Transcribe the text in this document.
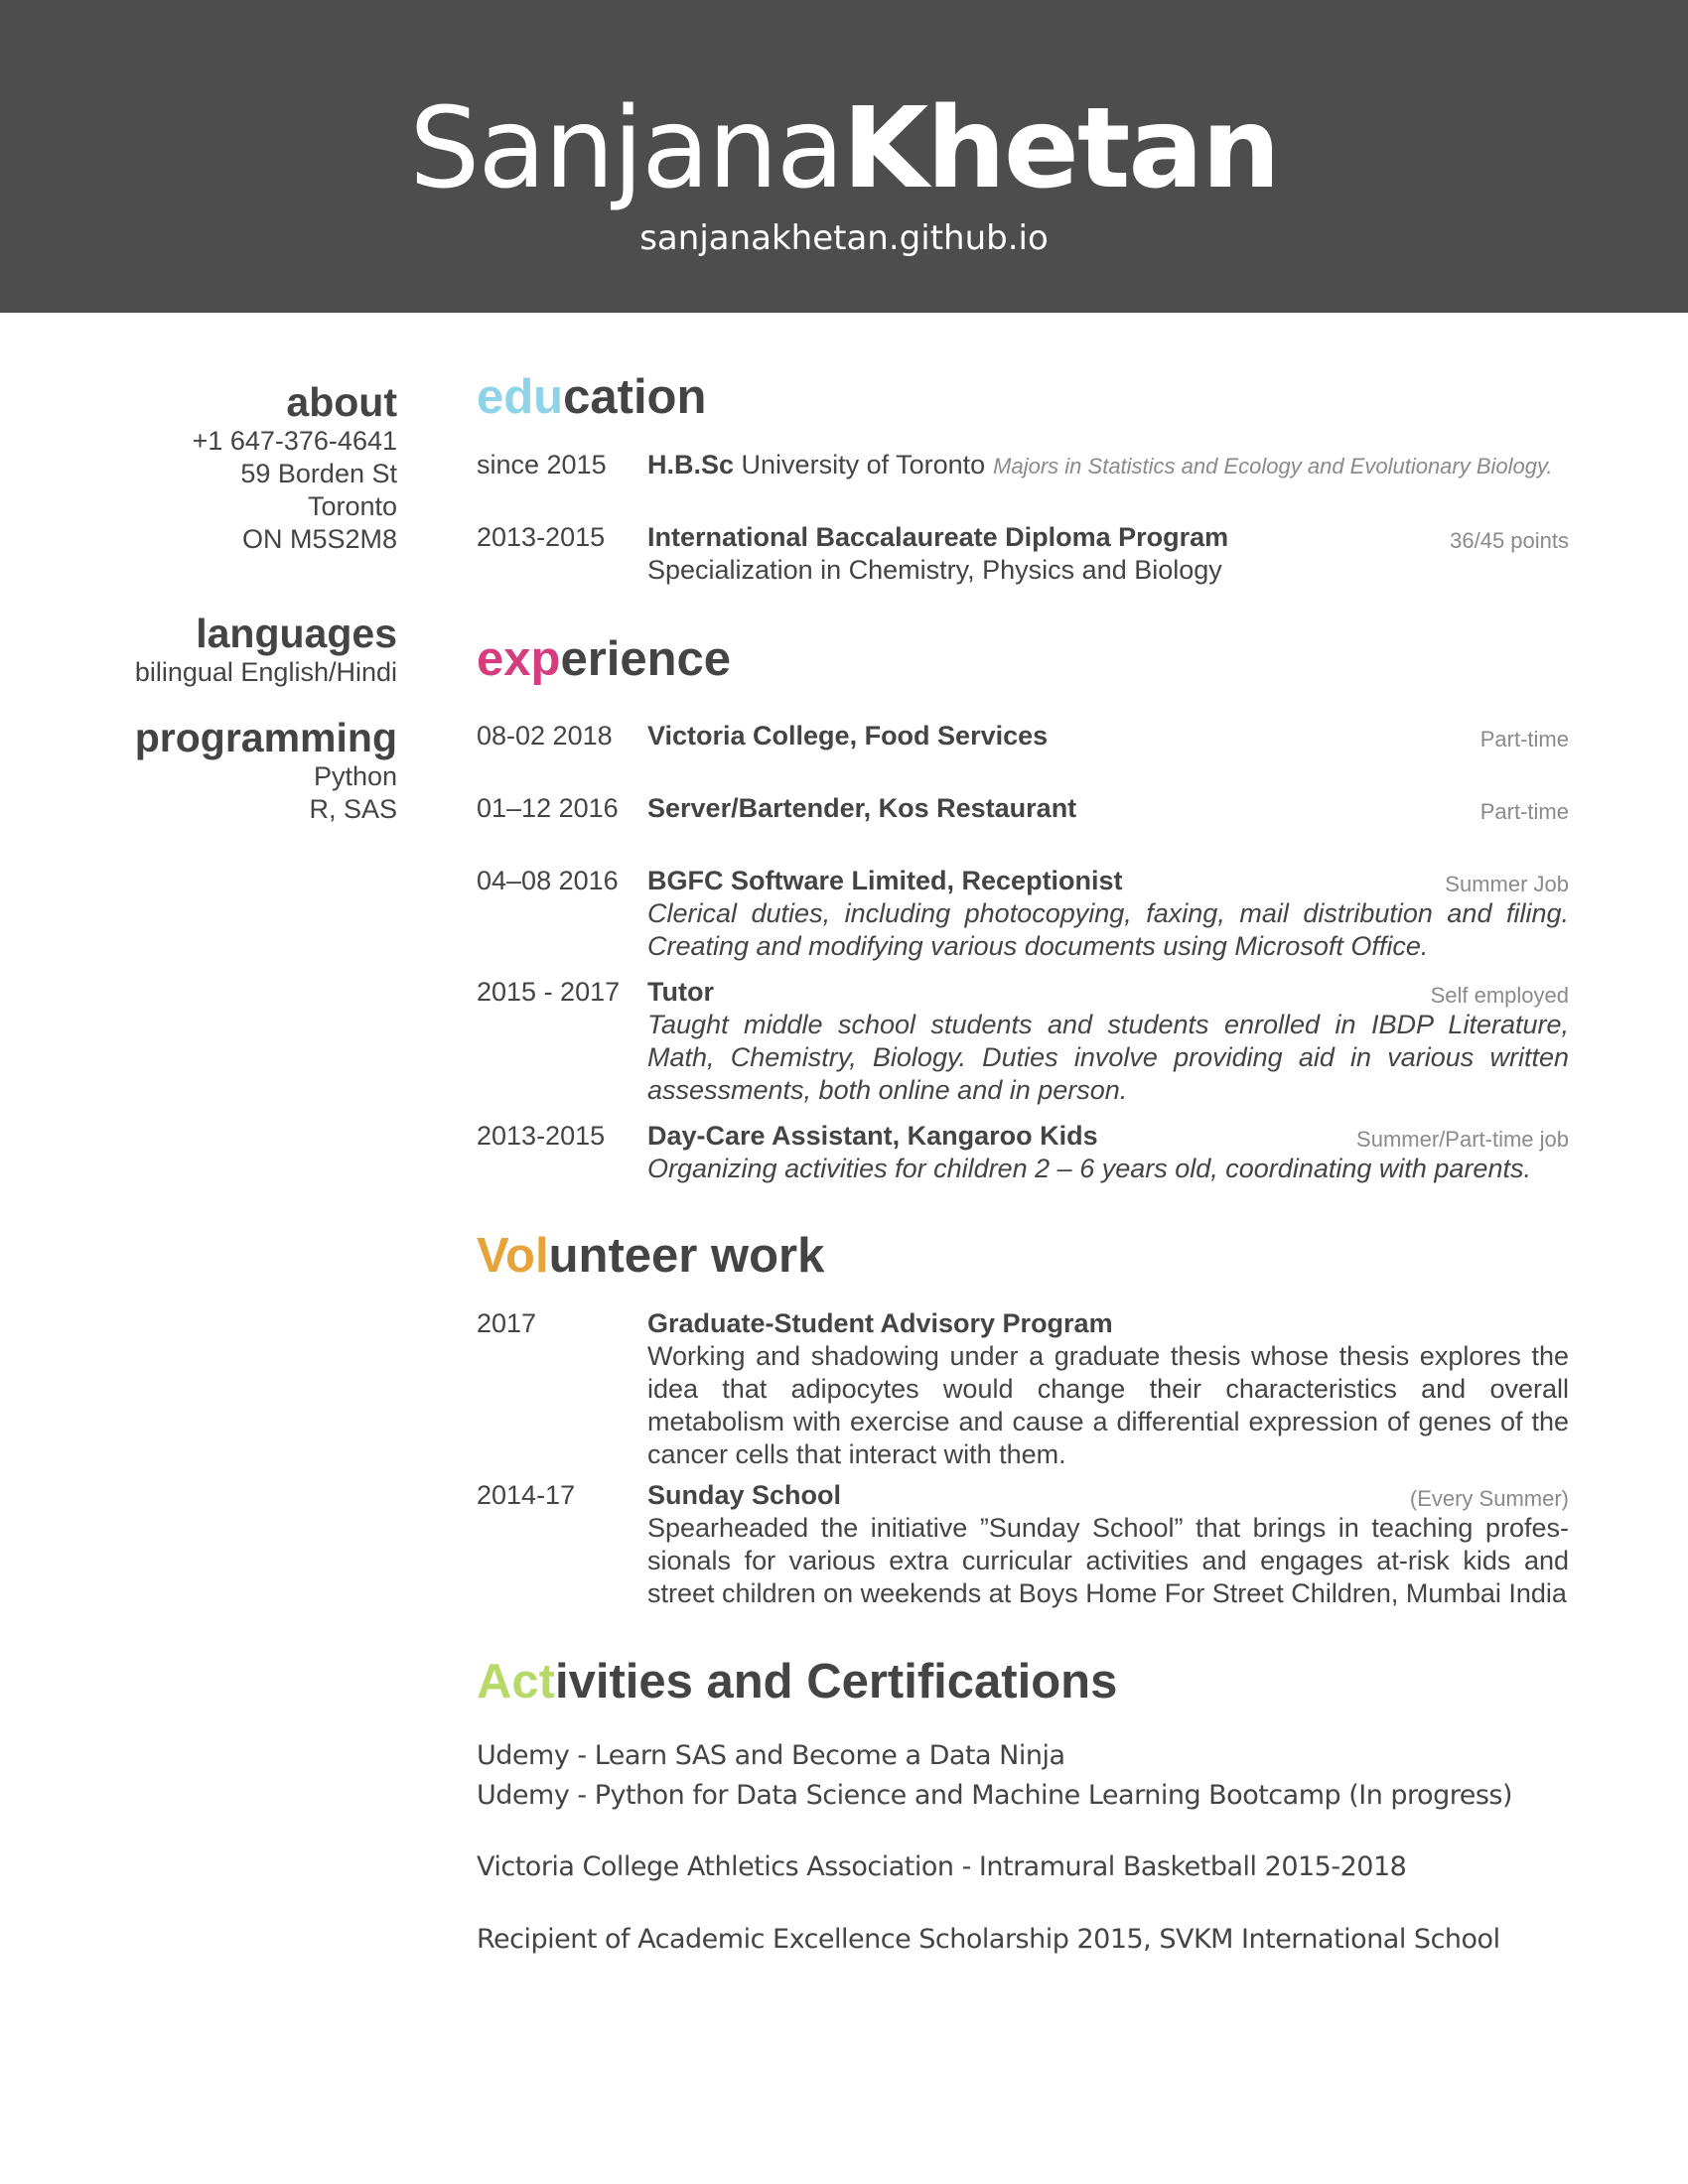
SanjanaKhetan
sanjanakhetan.github.io
about
+1 647-376-4641
59 Borden St
Toronto
ON M5S2M8
languages
bilingual English/Hindi
programming
Python
R, SAS
education
since 2015 H.B.Sc University of Toronto Majors in Statistics and Ecology and Evolutionary Biology.
2013-2015 International Baccalaureate Diploma Program	36/45 points
Specialization in Chemistry, Physics and Biology
experience
08-02 2018 Victoria College, Food Services	Part-time
01–12 2016 Server/Bartender, Kos Restaurant	Part-time
04–08 2016 BGFC Software Limited, Receptionist	Summer Job
Clerical duties, including photocopying, faxing, mail distribution and filing. Creating and modifying various documents using Microsoft Office.
2015 - 2017 Tutor	Self employed
Taught middle school students and students enrolled in IBDP Literature, Math, Chemistry, Biology. Duties involve providing aid in various written assessments, both online and in person.
2013-2015 Day-Care Assistant, Kangaroo Kids	Summer/Part-time job
Organizing activities for children 2 – 6 years old, coordinating with parents.
Volunteer work
2017	Graduate-Student Advisory Program
Working and shadowing under a graduate thesis whose thesis explores the idea that adipocytes would change their characteristics and overall metabolism with exercise and cause a differential expression of genes of the cancer cells that interact with them.
2014-17	Sunday School	(Every Summer)
Spearheaded the initiative ”Sunday School” that brings in teaching professionals for various extra curricular activities and engages at-risk kids and street children on weekends at Boys Home For Street Children, Mumbai India
Activities and Certifications
Udemy - Learn SAS and Become a Data Ninja
Udemy - Python for Data Science and Machine Learning Bootcamp (In progress)
Victoria College Athletics Association - Intramural Basketball 2015-2018
Recipient of Academic Excellence Scholarship 2015, SVKM International School
